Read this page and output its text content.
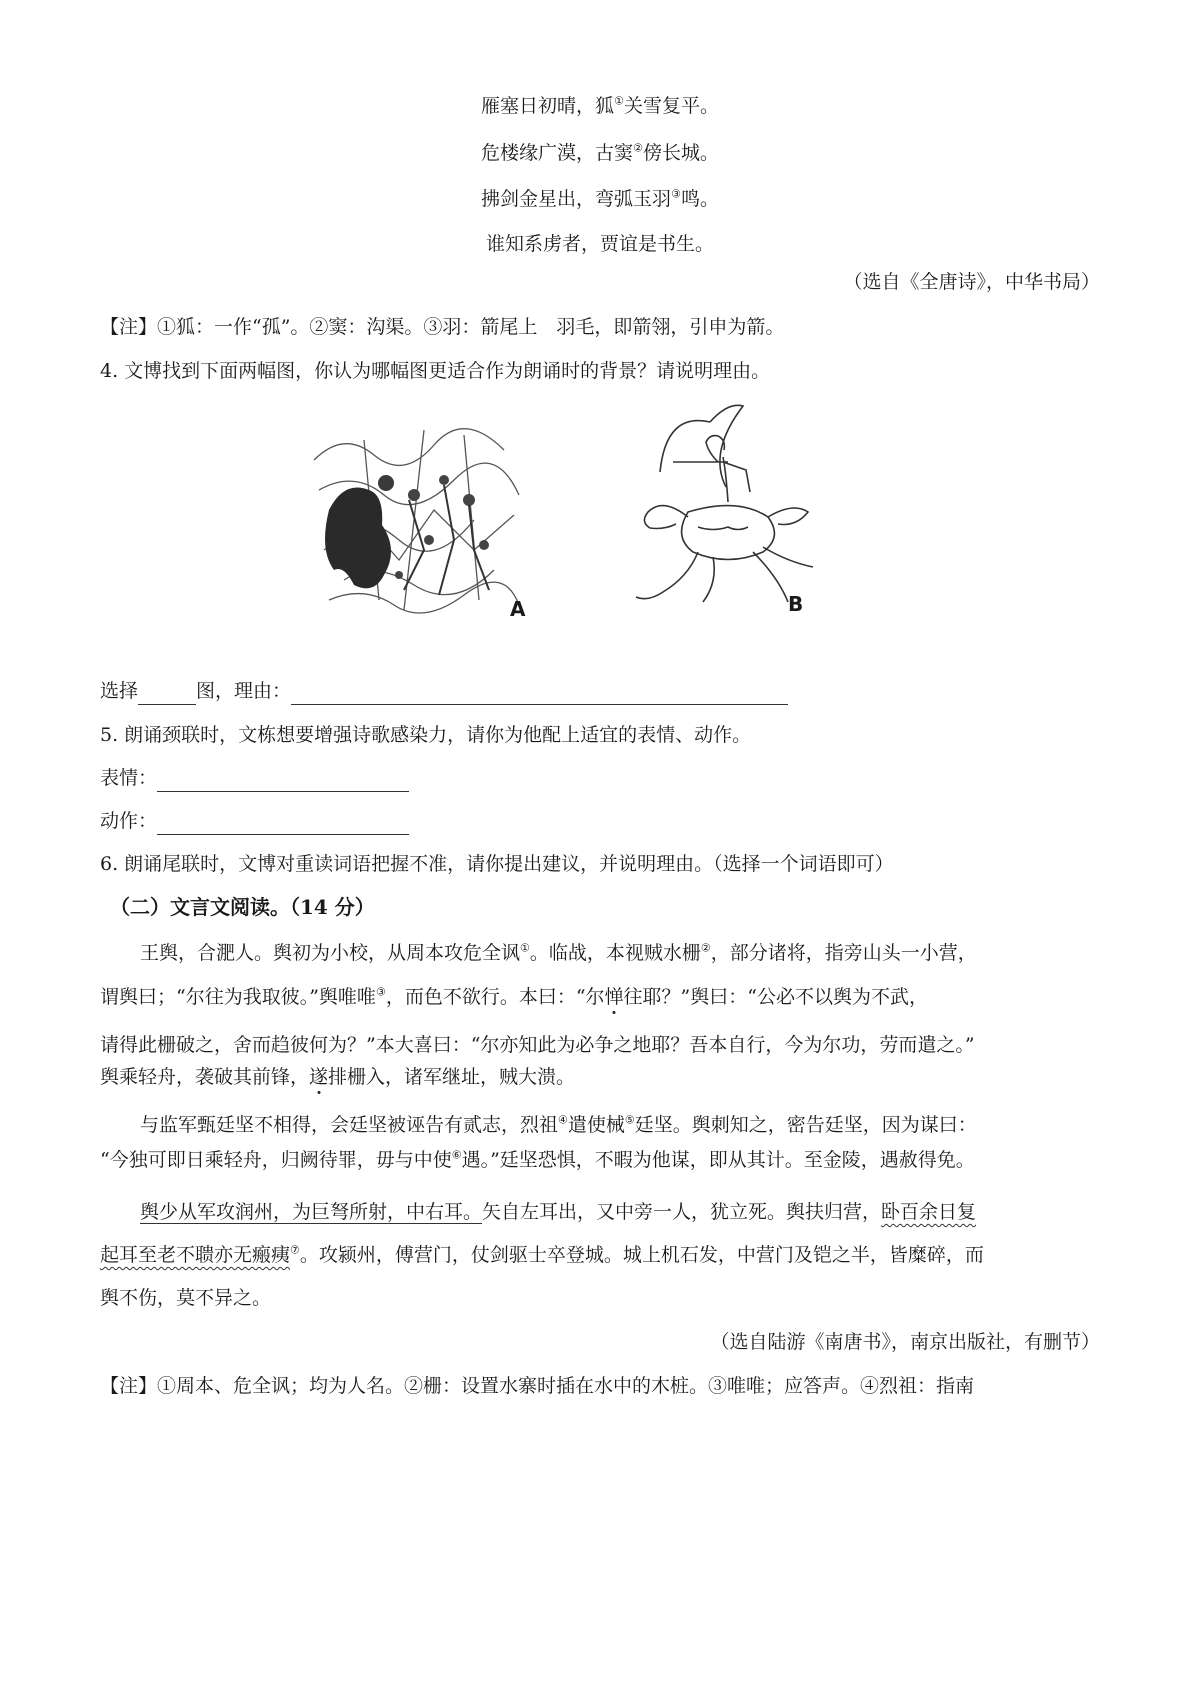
雁塞日初晴，狐①关雪复平。
危楼缘广漠，古窦②傍长城。
拂剑金星出，弯弧玉羽③鸣。
谁知系虏者，贾谊是书生。
（选自《全唐诗》，中华书局）
【注】①狐：一作“孤”。②窦：沟渠。③羽：箭尾上　羽毛，即箭翎，引申为箭。
4. 文博找到下面两幅图，你认为哪幅图更适合作为朗诵时的背景？请说明理由。
A	B
选择	图，理由：
5. 朗诵颈联时，文栋想要增强诗歌感染力，请你为他配上适宜的表情、动作。
表情：
动作：
6. 朗诵尾联时，文博对重读词语把握不准，请你提出建议，并说明理由。（选择一个词语即可）
（二）文言文阅读。（14 分）
王舆，合淝人。舆初为小校，从周本攻危全讽①。临战，本视贼水栅②，部分诸将，指旁山头一小营，
谓舆曰；“尔往为我取彼。”舆唯唯③，而色不欲行。本曰：“尔惮往耶？”舆曰：“公必不以舆为不武，
请得此栅破之，舍而趋彼何为？”本大喜曰：“尔亦知此为必争之地耶？吾本自行，今为尔功，劳而遣之。”
舆乘轻舟，袭破其前锋，遂排栅入，诸军继址，贼大溃。
与监军甄廷坚不相得，会廷坚被诬告有贰志，烈祖④遣使械⑤廷坚。舆刺知之，密告廷坚，因为谋曰：
“今独可即日乘轻舟，归阙待罪，毋与中使⑥遇。”廷坚恐惧，不暇为他谋，即从其计。至金陵，遇赦得免。
舆少从军攻润州，为巨弩所射，中右耳。矢自左耳出，又中旁一人，犹立死。舆扶归营，卧百余日复
起耳至老不聩亦无瘢痍⑦。攻颍州，傅营门，仗剑驱士卒登城。城上机石发，中营门及铠之半，皆糜碎，而
舆不伤，莫不异之。
（选自陆游《南唐书》，南京出版社，有删节）
【注】①周本、危全讽；均为人名。②栅：设置水寨时插在水中的木桩。③唯唯；应答声。④烈祖：指南
